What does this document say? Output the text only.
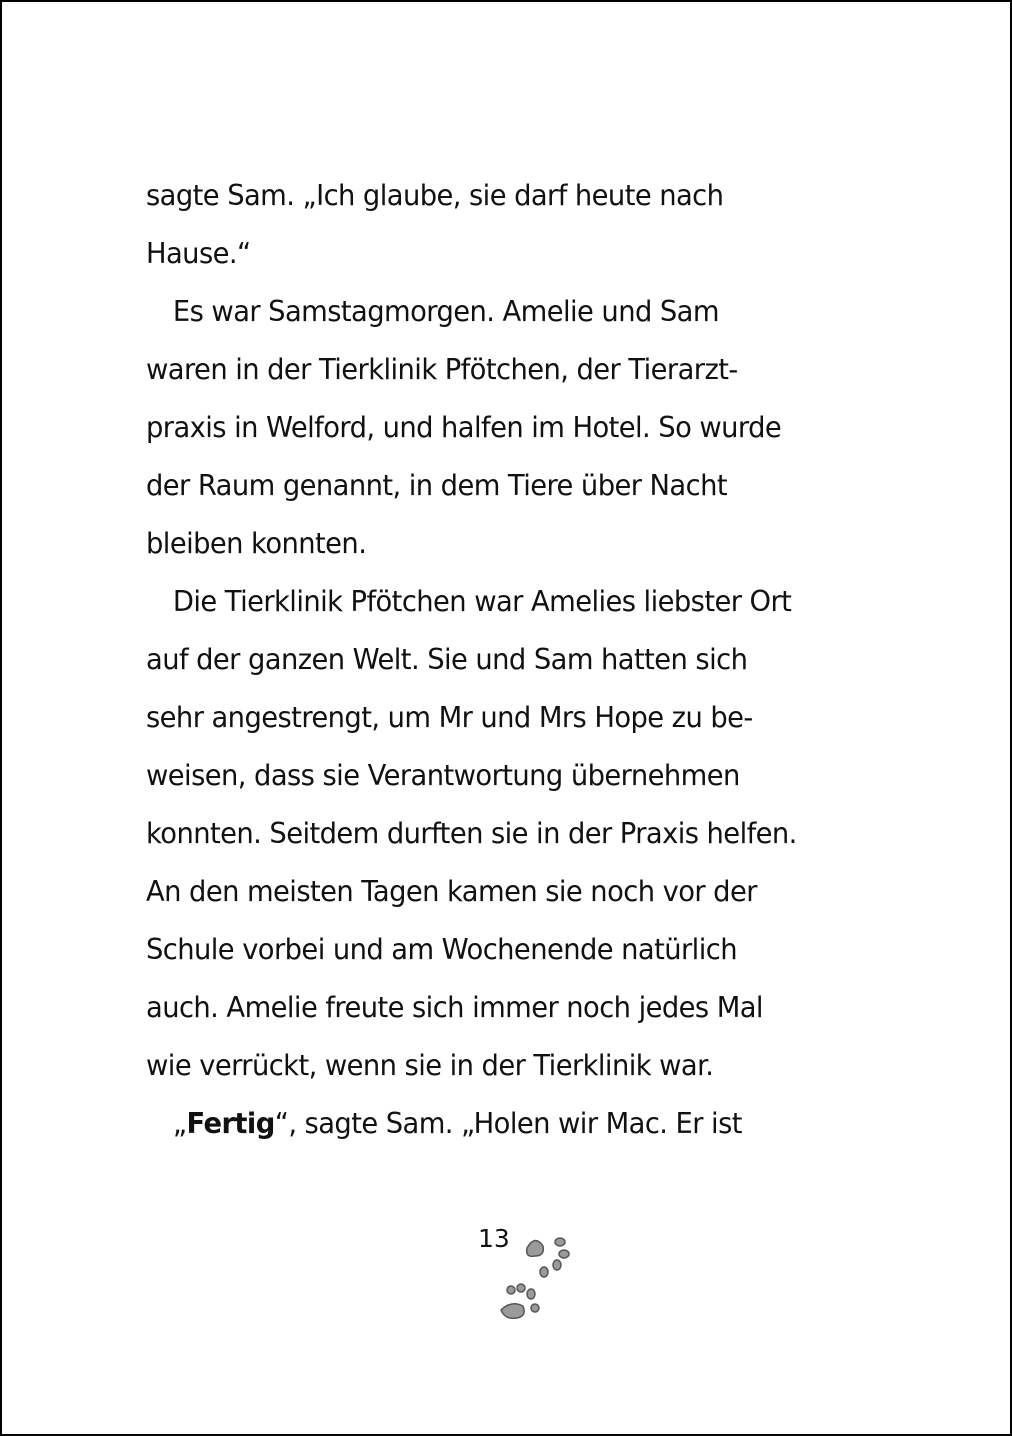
sagte Sam. „Ich glaube, sie darf heute nach
Hause.“
Es war Samstagmorgen. Amelie und Sam
waren in der Tierklinik Pfötchen, der Tierarzt-
praxis in Welford, und halfen im Hotel. So wurde
der Raum genannt, in dem Tiere über Nacht
bleiben konnten.
Die Tierklinik Pfötchen war Amelies liebster Ort
auf der ganzen Welt. Sie und Sam hatten sich
sehr angestrengt, um Mr und Mrs Hope zu be-
weisen, dass sie Verantwortung übernehmen
konnten. Seitdem durften sie in der Praxis helfen.
An den meisten Tagen kamen sie noch vor der
Schule vorbei und am Wochenende natürlich
auch. Amelie freute sich immer noch jedes Mal
wie verrückt, wenn sie in der Tierklinik war.
„Fertig“, sagte Sam. „Holen wir Mac. Er ist
13
